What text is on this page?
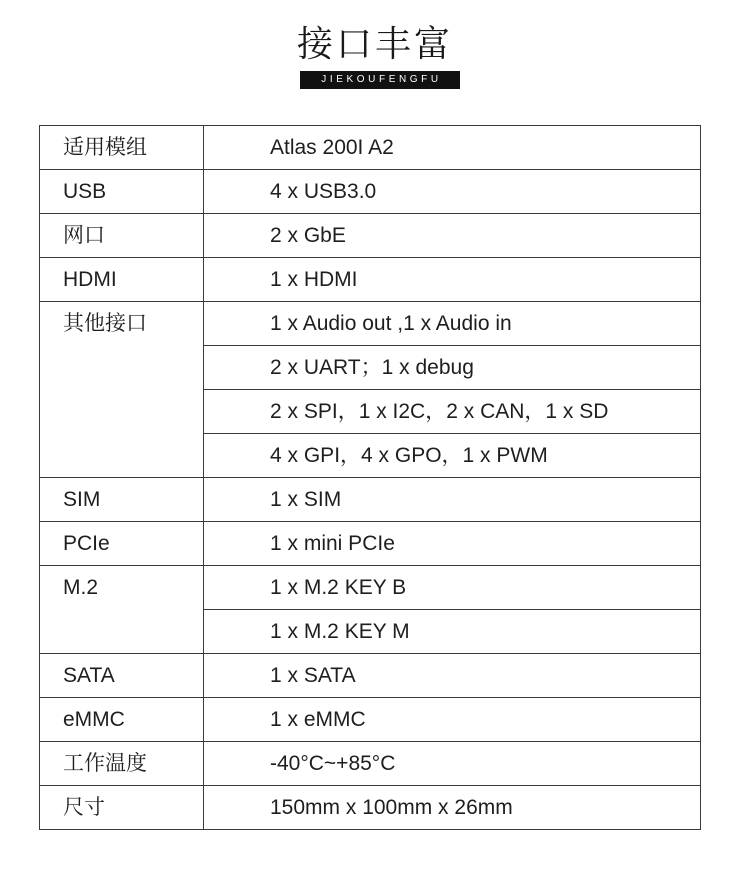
接口丰富
JIEKOUFENGFU
适用模组	Atlas 200I A2
USB	4 x USB3.0
网口	2 x GbE
HDMI	1 x HDMI
其他接口	1 x Audio out ,1 x Audio in
	2 x UART；1 x debug
	2 x SPI，1 x I2C，2 x CAN，1 x SD
	4 x GPI，4 x GPO，1 x PWM
SIM	1 x SIM
PCIe	1 x mini PCIe
M.2	1 x M.2 KEY B
	1 x M.2 KEY M
SATA	1 x SATA
eMMC	1 x eMMC
工作温度	-40°C~+85°C
尺寸	150mm x 100mm x 26mm
